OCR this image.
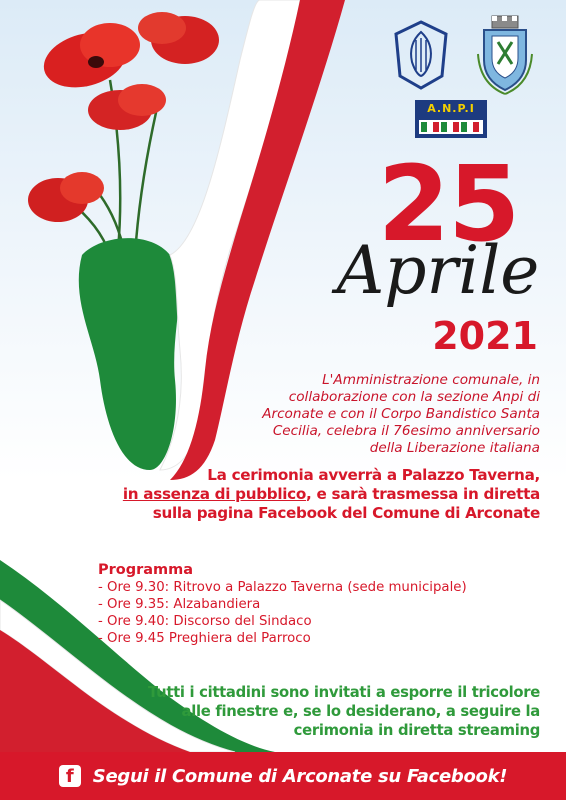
A.N.P.I
25
Aprile
2021
L'Amministrazione comunale, in
collaborazione con la sezione Anpi di
Arconate e con il Corpo Bandistico Santa
Cecilia, celebra il 76esimo anniversario
della Liberazione italiana
La cerimonia avverrà a Palazzo Taverna,
in assenza di pubblico, e sarà trasmessa in diretta
sulla pagina Facebook del Comune di Arconate
Programma
- Ore 9.30: Ritrovo a Palazzo Taverna (sede municipale)
- Ore 9.35: Alzabandiera
- Ore 9.40: Discorso del Sindaco
- Ore 9.45 Preghiera del Parroco
Tutti i cittadini sono invitati a esporre il tricolore
alle finestre e, se lo desiderano, a seguire la
cerimonia in diretta streaming
f	Segui il Comune di Arconate su Facebook!
